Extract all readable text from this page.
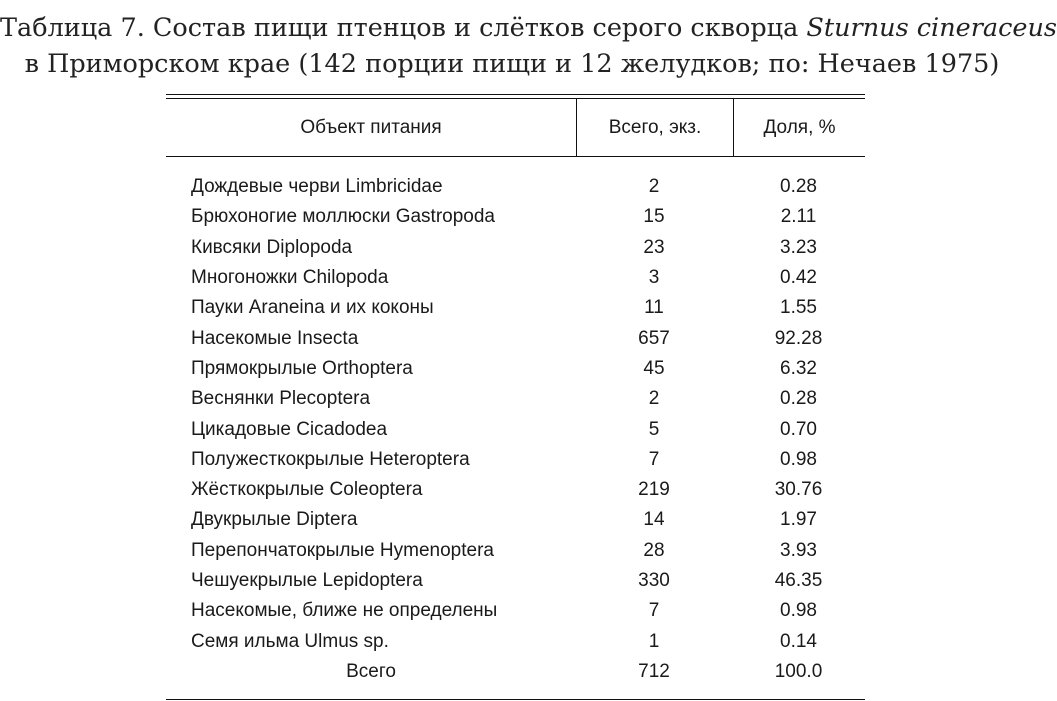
Таблица 7. Состав пищи птенцов и слётков серого скворца Sturnus cineraceus
в Приморском крае (142 порции пищи и 12 желудков; по: Нечаев 1975)
Объект питания	Всего, экз.	Доля, %
Дождевые черви Limbricidae	2	0.28
Брюхоногие моллюски Gastropoda	15	2.11
Кивсяки Diplopoda	23	3.23
Многоножки Chilopoda	3	0.42
Пауки Araneina и их коконы	11	1.55
Насекомые Insecta	657	92.28
Прямокрылые Orthoptera	45	6.32
Веснянки Plecoptera	2	0.28
Цикадовые Cicadodea	5	0.70
Полужесткокрылые Heteroptera	7	0.98
Жёсткокрылые Coleoptera	219	30.76
Двукрылые Diptera	14	1.97
Перепончатокрылые Hymenoptera	28	3.93
Чешуекрылые Lepidoptera	330	46.35
Насекомые, ближе не определены	7	0.98
Семя ильма Ulmus sp.	1	0.14
Всего	712	100.0
